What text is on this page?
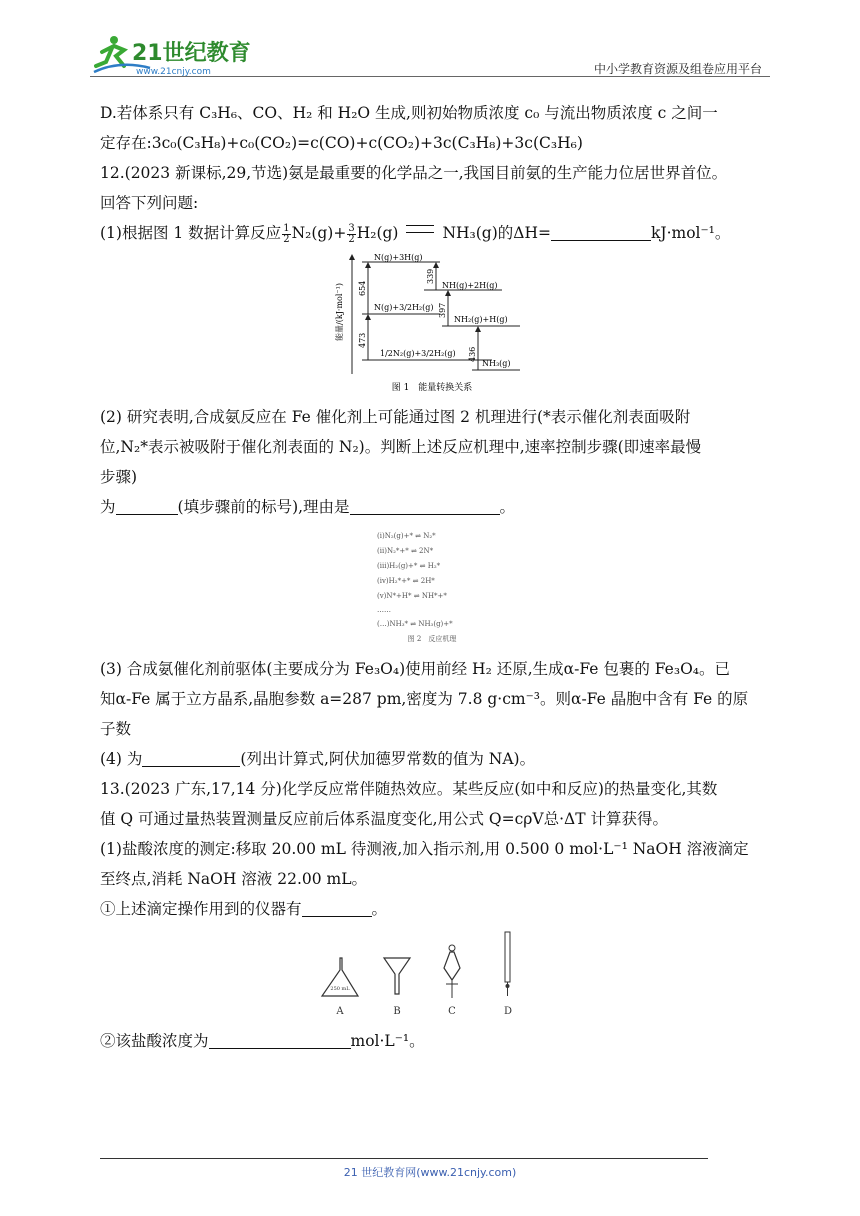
21世纪教育
www.21cnjy.com	中小学教育资源及组卷应用平台

D.若体系只有 C₃H₆、CO、H₂ 和 H₂O 生成,则初始物质浓度 c₀ 与流出物质浓度 c 之间一

定存在:3c₀(C₃H₈)+c₀(CO₂)=c(CO)+c(CO₂)+3c(C₃H₈)+3c(C₃H₆)

12.(2023 新课标,29,节选)氨是最重要的化学品之一,我国目前氨的生产能力位居世界首位。

回答下列问题:

(1)根据图 1 数据计算反应 $\frac{1}{2} N_2(g)+ \frac{3}{2} H_2(g)$	NH₃(g)的ΔH=	kJ·mol⁻¹。

能量/(kJ·mol⁻¹)
N(g)+3H(g)
NH(g)+2H(g)
N(g)+3/2H₂(g)
NH₂(g)+H(g)
1/2N₂(g)+3/2H₂(g)
NH₃(g)
654
339
397
473
436
图 1　能量转换关系

(2) 研究表明,合成氨反应在 Fe 催化剂上可能通过图 2 机理进行(*表示催化剂表面吸附

位,N₂*表示被吸附于催化剂表面的 N₂)。判断上述反应机理中,速率控制步骤(即速率最慢

步骤)

为	(填步骤前的标号),理由是	。

(ⅰ)N₂(g)+* ⇌ N₂*
(ⅱ)N₂*+* ⇌ 2N*
(ⅲ)H₂(g)+* ⇌ H₂*
(ⅳ)H₂*+* ⇌ 2H*
(ⅴ)N*+H* ⇌ NH*+*
……
(…)NH₃* ⇌ NH₃(g)+*
图 2　反应机理

(3) 合成氨催化剂前驱体(主要成分为 Fe₃O₄)使用前经 H₂ 还原,生成α-Fe 包裹的 Fe₃O₄。已

知α-Fe 属于立方晶系,晶胞参数 a=287 pm,密度为 7.8 g·cm⁻³。则α-Fe 晶胞中含有 Fe 的原

子数

(4) 为	(列出计算式,阿伏加德罗常数的值为 NA)。

13.(2023 广东,17,14 分)化学反应常伴随热效应。某些反应(如中和反应)的热量变化,其数

值 Q 可通过量热装置测量反应前后体系温度变化,用公式 Q=cρV总·ΔT 计算获得。

(1)盐酸浓度的测定:移取 20.00 mL 待测液,加入指示剂,用 0.500 0 mol·L⁻¹ NaOH 溶液滴定

至终点,消耗 NaOH 溶液 22.00 mL。

①上述滴定操作用到的仪器有	。

250 mL
A	B	C	D

②该盐酸浓度为	mol·L⁻¹。

21 世纪教育网(www.21cnjy.com)
